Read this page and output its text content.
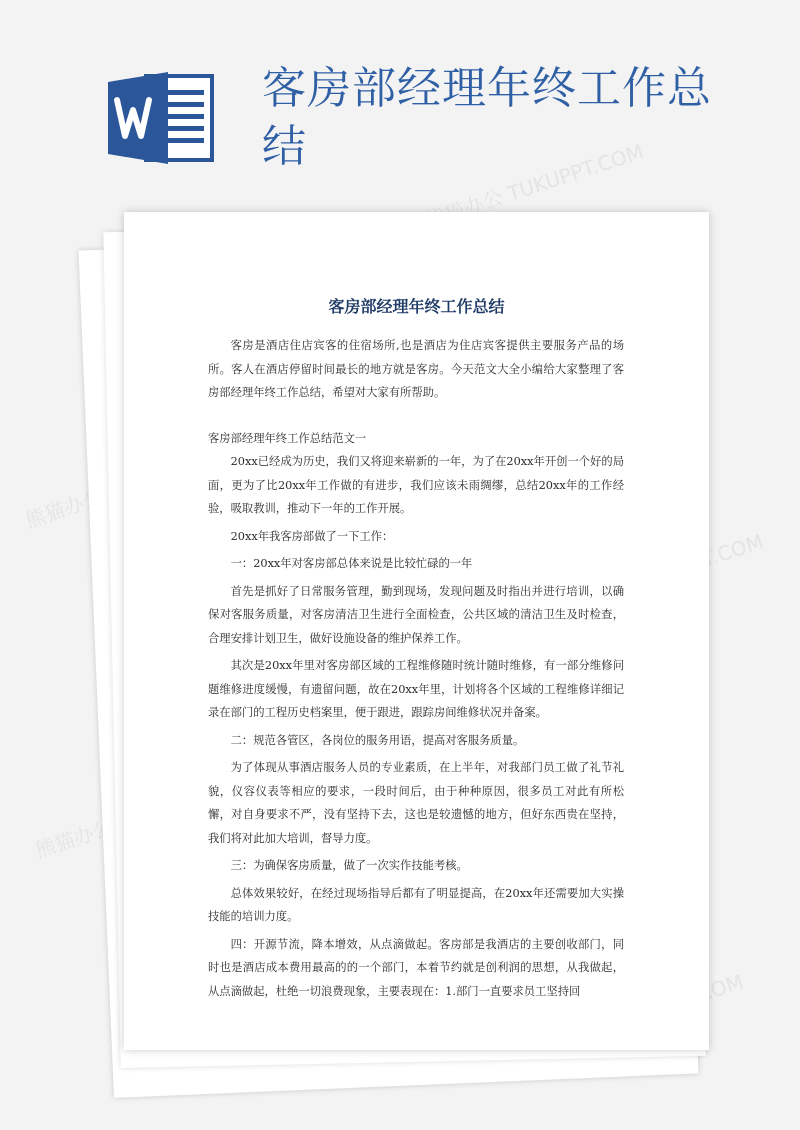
客房部经理年终工作总结	熊猫办公 TUKUPPT.COM
熊猫办公
熊猫办公
客房部经理年终工作总结

客房是酒店住店宾客的住宿场所,也是酒店为住店宾客提供主要服务产品的场所。客人在酒店停留时间最长的地方就是客房。今天范文大全小编给大家整理了客房部经理年终工作总结，希望对大家有所帮助。

客房部经理年终工作总结范文一

20xx已经成为历史，我们又将迎来崭新的一年，为了在20xx年开创一个好的局面，更为了比20xx年工作做的有进步，我们应该未雨绸缪，总结20xx年的工作经验，吸取教训，推动下一年的工作开展。

20xx年我客房部做了一下工作：

一：20xx年对客房部总体来说是比较忙碌的一年

首先是抓好了日常服务管理，勤到现场，发现问题及时指出并进行培训，以确保对客服务质量，对客房清洁卫生进行全面检查，公共区域的清洁卫生及时检查，合理安排计划卫生，做好设施设备的维护保养工作。

其次是20xx年里对客房部区域的工程维修随时统计随时维修，有一部分维修问题维修进度缓慢，有遗留问题，故在20xx年里，计划将各个区域的工程维修详细记录在部门的工程历史档案里，便于跟进，跟踪房间维修状况并备案。

二：规范各管区，各岗位的服务用语，提高对客服务质量。

为了体现从事酒店服务人员的专业素质，在上半年，对我部门员工做了礼节礼貌，仪容仪表等相应的要求，一段时间后，由于种种原因，很多员工对此有所松懈，对自身要求不严，没有坚持下去，这也是较遗憾的地方，但好东西贵在坚持，我们将对此加大培训，督导力度。

三：为确保客房质量，做了一次实作技能考核。

总体效果较好，在经过现场指导后都有了明显提高，在20xx年还需要加大实操技能的培训力度。

四：开源节流，降本增效，从点滴做起。客房部是我酒店的主要创收部门，同时也是酒店成本费用最高的的一个部门，本着节约就是创利润的思想，从我做起，从点滴做起，杜绝一切浪费现象，主要表现在：1.部门一直要求员工坚持回
